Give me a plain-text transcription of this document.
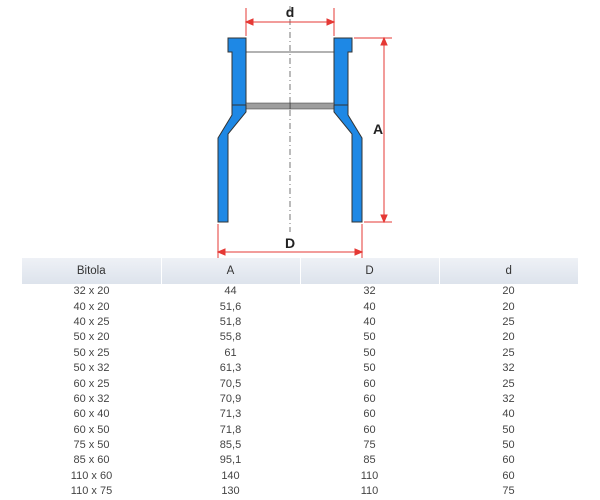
d
A
D
Bitola	A	D	d
32 x 20	44	32	20
40 x 20	51,6	40	20
40 x 25	51,8	40	25
50 x 20	55,8	50	20
50 x 25	61	50	25
50 x 32	61,3	50	32
60 x 25	70,5	60	25
60 x 32	70,9	60	32
60 x 40	71,3	60	40
60 x 50	71,8	60	50
75 x 50	85,5	75	50
85 x 60	95,1	85	60
110 x 60	140	110	60
110 x 75	130	110	75
